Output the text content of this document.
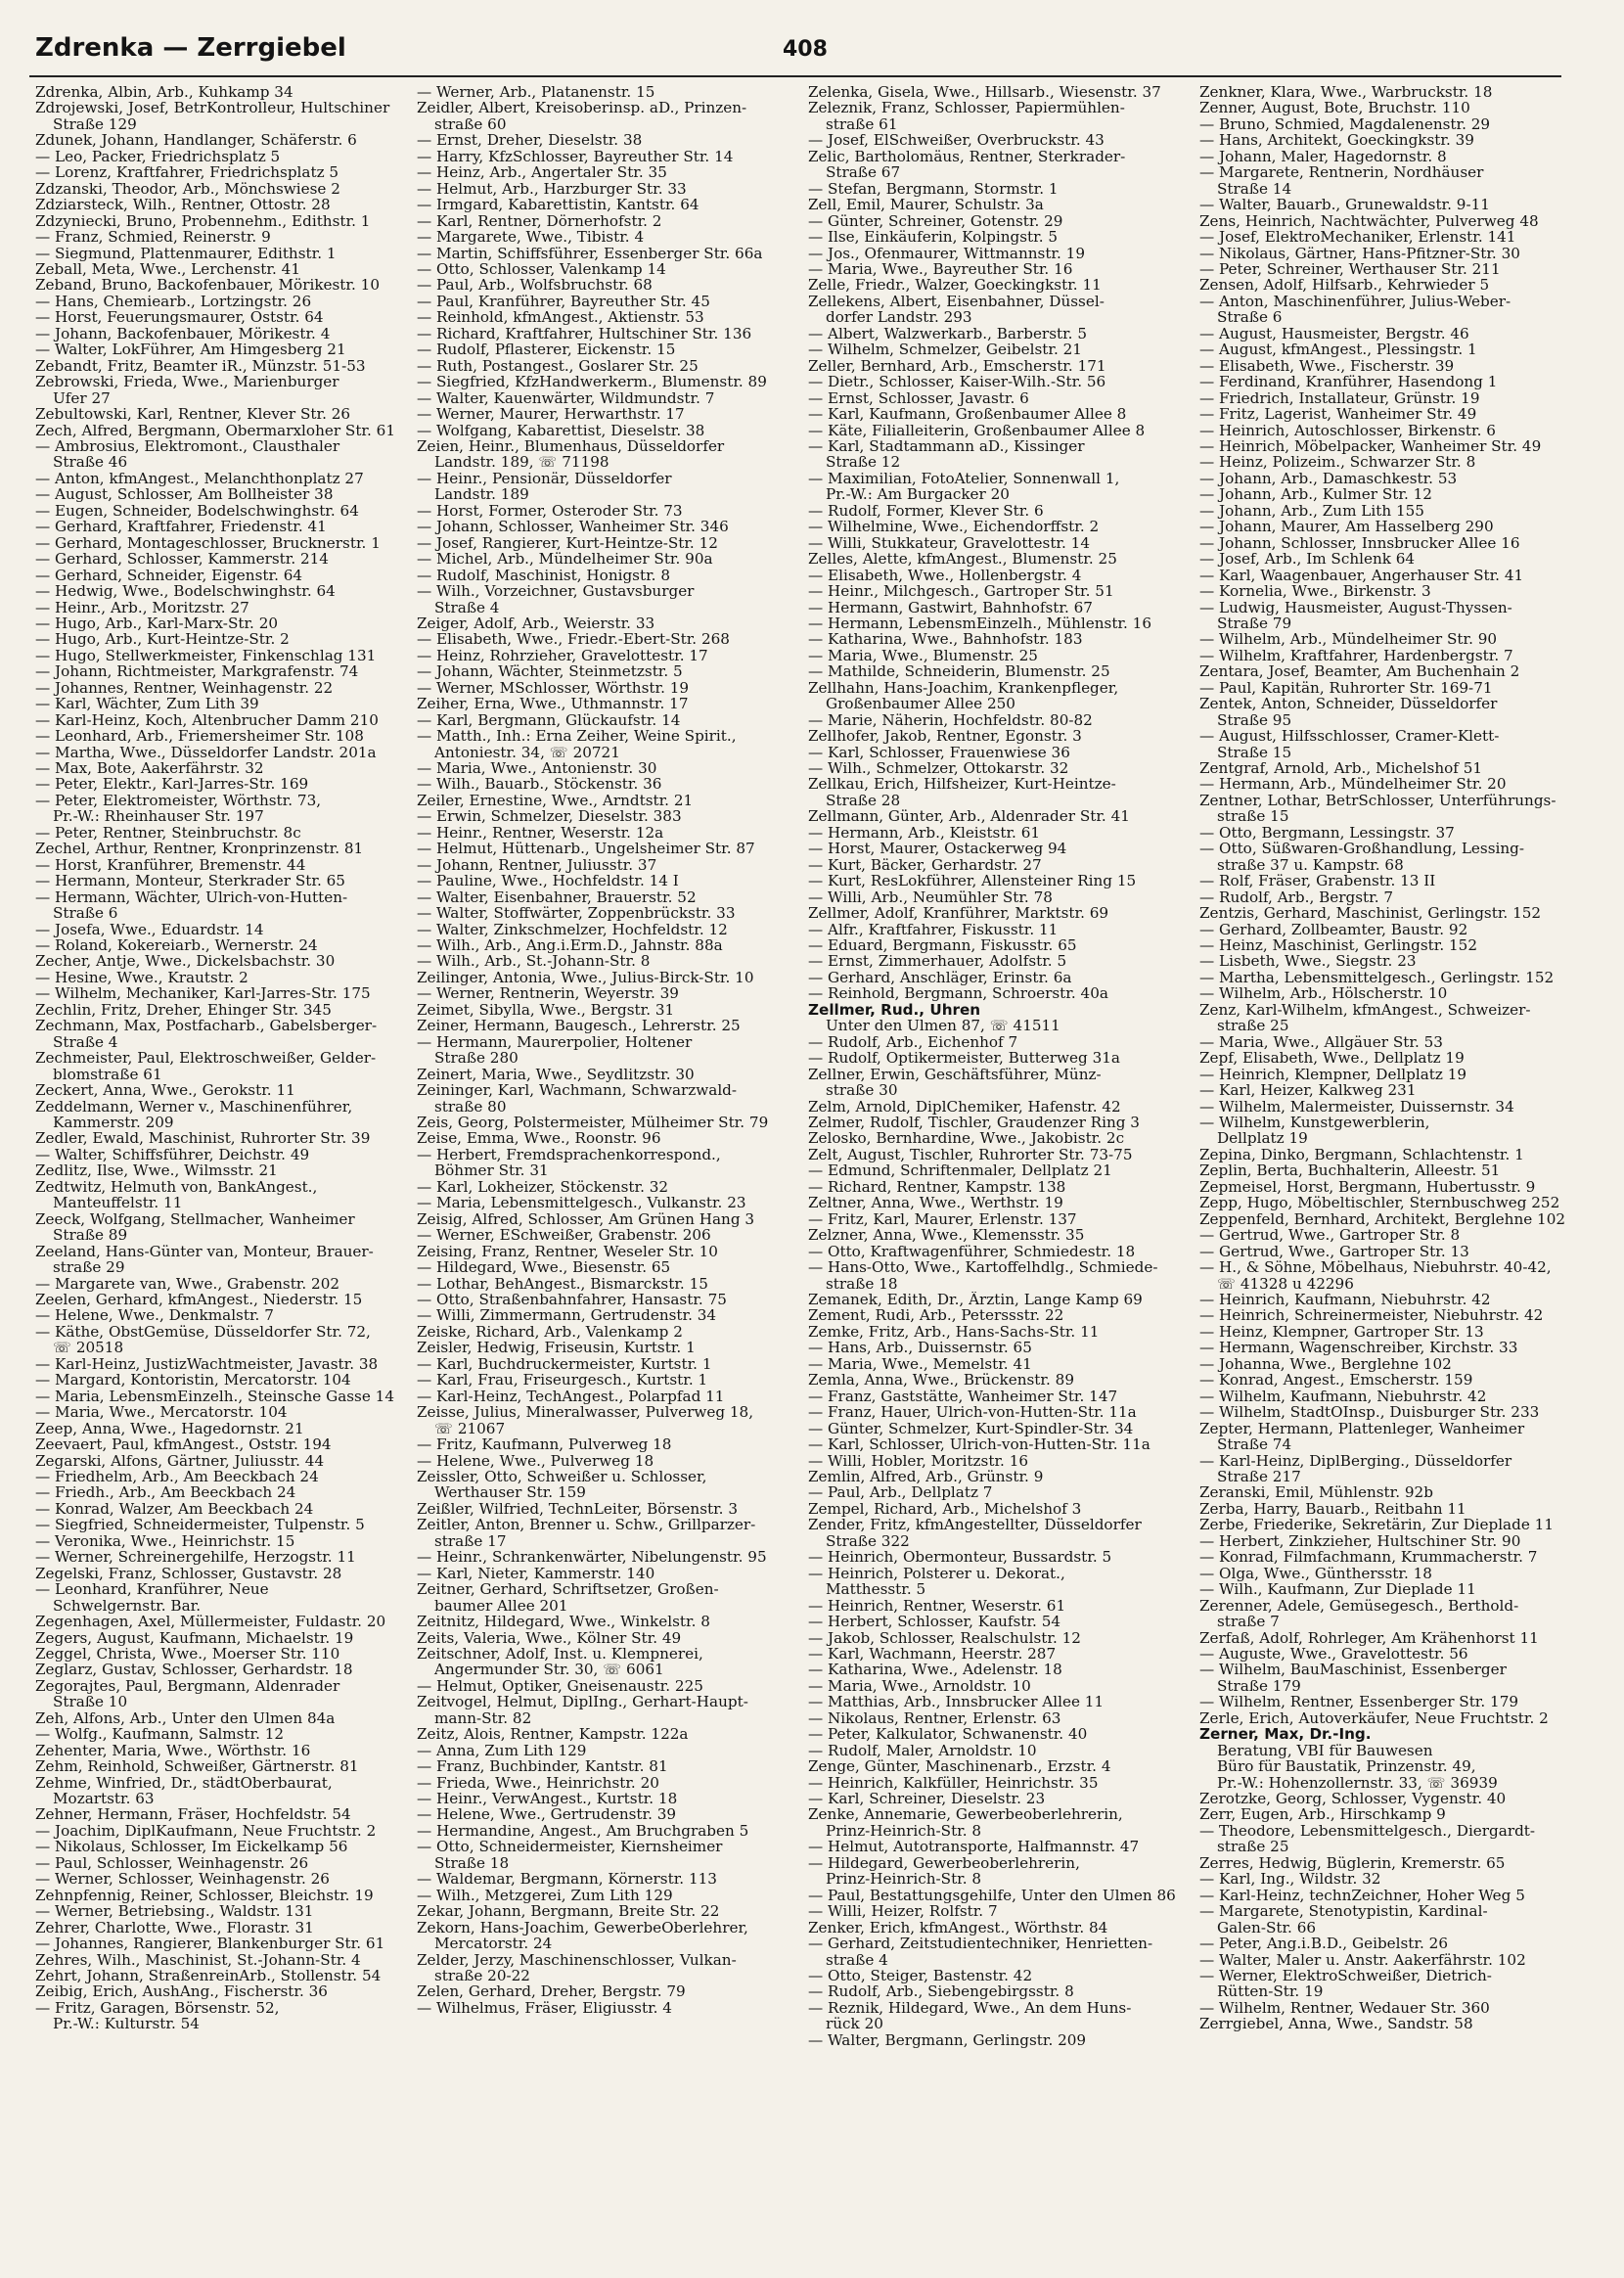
Zdrenka — Zerrgiebel	408
Zdrenka, Albin, Arb., Kuhkamp 34
Zdrojewski, Josef, BetrKontrolleur, Hultschiner
Straße 129
Zdunek, Johann, Handlanger, Schäferstr. 6
— Leo, Packer, Friedrichsplatz 5
— Lorenz, Kraftfahrer, Friedrichsplatz 5
Zdzanski, Theodor, Arb., Mönchswiese 2
Zdziarsteck, Wilh., Rentner, Ottostr. 28
Zdzyniecki, Bruno, Probennehm., Edithstr. 1
— Franz, Schmied, Reinerstr. 9
— Siegmund, Plattenmaurer, Edithstr. 1
Zeball, Meta, Wwe., Lerchenstr. 41
Zeband, Bruno, Backofenbauer, Mörikestr. 10
— Hans, Chemiearb., Lortzingstr. 26
— Horst, Feuerungsmaurer, Oststr. 64
— Johann, Backofenbauer, Mörikestr. 4
— Walter, LokFührer, Am Himgesberg 21
Zebandt, Fritz, Beamter iR., Münzstr. 51-53
Zebrowski, Frieda, Wwe., Marienburger
Ufer 27
Zebultowski, Karl, Rentner, Klever Str. 26
Zech, Alfred, Bergmann, Obermarxloher Str. 61
— Ambrosius, Elektromont., Clausthaler
Straße 46
— Anton, kfmAngest., Melanchthonplatz 27
— August, Schlosser, Am Bollheister 38
— Eugen, Schneider, Bodelschwinghstr. 64
— Gerhard, Kraftfahrer, Friedenstr. 41
— Gerhard, Montageschlosser, Brucknerstr. 1
— Gerhard, Schlosser, Kammerstr. 214
— Gerhard, Schneider, Eigenstr. 64
— Hedwig, Wwe., Bodelschwinghstr. 64
— Heinr., Arb., Moritzstr. 27
— Hugo, Arb., Karl-Marx-Str. 20
— Hugo, Arb., Kurt-Heintze-Str. 2
— Hugo, Stellwerkmeister, Finkenschlag 131
— Johann, Richtmeister, Markgrafenstr. 74
— Johannes, Rentner, Weinhagenstr. 22
— Karl, Wächter, Zum Lith 39
— Karl-Heinz, Koch, Altenbrucher Damm 210
— Leonhard, Arb., Friemersheimer Str. 108
— Martha, Wwe., Düsseldorfer Landstr. 201a
— Max, Bote, Aakerfährstr. 32
— Peter, Elektr., Karl-Jarres-Str. 169
— Peter, Elektromeister, Wörthstr. 73,
Pr.-W.: Rheinhauser Str. 197
— Peter, Rentner, Steinbruchstr. 8c
Zechel, Arthur, Rentner, Kronprinzenstr. 81
— Horst, Kranführer, Bremenstr. 44
— Hermann, Monteur, Sterkrader Str. 65
— Hermann, Wächter, Ulrich-von-Hutten-
Straße 6
— Josefa, Wwe., Eduardstr. 14
— Roland, Kokereiarb., Wernerstr. 24
Zecher, Antje, Wwe., Dickelsbachstr. 30
— Hesine, Wwe., Krautstr. 2
— Wilhelm, Mechaniker, Karl-Jarres-Str. 175
Zechlin, Fritz, Dreher, Ehinger Str. 345
Zechmann, Max, Postfacharb., Gabelsberger-
Straße 4
Zechmeister, Paul, Elektroschweißer, Gelder-
blomstraße 61
Zeckert, Anna, Wwe., Gerokstr. 11
Zeddelmann, Werner v., Maschinenführer,
Kammerstr. 209
Zedler, Ewald, Maschinist, Ruhrorter Str. 39
— Walter, Schiffsführer, Deichstr. 49
Zedlitz, Ilse, Wwe., Wilmsstr. 21
Zedtwitz, Helmuth von, BankAngest.,
Manteuffelstr. 11
Zeeck, Wolfgang, Stellmacher, Wanheimer
Straße 89
Zeeland, Hans-Günter van, Monteur, Brauer-
straße 29
— Margarete van, Wwe., Grabenstr. 202
Zeelen, Gerhard, kfmAngest., Niederstr. 15
— Helene, Wwe., Denkmalstr. 7
— Käthe, ObstGemüse, Düsseldorfer Str. 72,
☏ 20518
— Karl-Heinz, JustizWachtmeister, Javastr. 38
— Margard, Kontoristin, Mercatorstr. 104
— Maria, LebensmEinzelh., Steinsche Gasse 14
— Maria, Wwe., Mercatorstr. 104
Zeep, Anna, Wwe., Hagedornstr. 21
Zeevaert, Paul, kfmAngest., Oststr. 194
Zegarski, Alfons, Gärtner, Juliusstr. 44
— Friedhelm, Arb., Am Beeckbach 24
— Friedh., Arb., Am Beeckbach 24
— Konrad, Walzer, Am Beeckbach 24
— Siegfried, Schneidermeister, Tulpenstr. 5
— Veronika, Wwe., Heinrichstr. 15
— Werner, Schreinergehilfe, Herzogstr. 11
Zegelski, Franz, Schlosser, Gustavstr. 28
— Leonhard, Kranführer, Neue
Schwelgernstr. Bar.
Zegenhagen, Axel, Müllermeister, Fuldastr. 20
Zegers, August, Kaufmann, Michaelstr. 19
Zeggel, Christa, Wwe., Moerser Str. 110
Zeglarz, Gustav, Schlosser, Gerhardstr. 18
Zegorajtes, Paul, Bergmann, Aldenrader
Straße 10
Zeh, Alfons, Arb., Unter den Ulmen 84a
— Wolfg., Kaufmann, Salmstr. 12
Zehenter, Maria, Wwe., Wörthstr. 16
Zehm, Reinhold, Schweißer, Gärtnerstr. 81
Zehme, Winfried, Dr., städtOberbaurat,
Mozartstr. 63
Zehner, Hermann, Fräser, Hochfeldstr. 54
— Joachim, DiplKaufmann, Neue Fruchtstr. 2
— Nikolaus, Schlosser, Im Eickelkamp 56
— Paul, Schlosser, Weinhagenstr. 26
— Werner, Schlosser, Weinhagenstr. 26
Zehnpfennig, Reiner, Schlosser, Bleichstr. 19
— Werner, Betriebsing., Waldstr. 131
Zehrer, Charlotte, Wwe., Florastr. 31
— Johannes, Rangierer, Blankenburger Str. 61
Zehres, Wilh., Maschinist, St.-Johann-Str. 4
Zehrt, Johann, StraßenreinArb., Stollenstr. 54
Zeibig, Erich, AushAng., Fischerstr. 36
— Fritz, Garagen, Börsenstr. 52,
Pr.-W.: Kulturstr. 54
— Werner, Arb., Platanenstr. 15
Zeidler, Albert, Kreisoberinsp. aD., Prinzen-
straße 60
— Ernst, Dreher, Dieselstr. 38
— Harry, KfzSchlosser, Bayreuther Str. 14
— Heinz, Arb., Angertaler Str. 35
— Helmut, Arb., Harzburger Str. 33
— Irmgard, Kabarettistin, Kantstr. 64
— Karl, Rentner, Dörnerhofstr. 2
— Margarete, Wwe., Tibistr. 4
— Martin, Schiffsführer, Essenberger Str. 66a
— Otto, Schlosser, Valenkamp 14
— Paul, Arb., Wolfsbruchstr. 68
— Paul, Kranführer, Bayreuther Str. 45
— Reinhold, kfmAngest., Aktienstr. 53
— Richard, Kraftfahrer, Hultschiner Str. 136
— Rudolf, Pflasterer, Eickenstr. 15
— Ruth, Postangest., Goslarer Str. 25
— Siegfried, KfzHandwerkerm., Blumenstr. 89
— Walter, Kauenwärter, Wildmundstr. 7
— Werner, Maurer, Herwarthstr. 17
— Wolfgang, Kabarettist, Dieselstr. 38
Zeien, Heinr., Blumenhaus, Düsseldorfer
Landstr. 189, ☏ 71198
— Heinr., Pensionär, Düsseldorfer
Landstr. 189
— Horst, Former, Osteroder Str. 73
— Johann, Schlosser, Wanheimer Str. 346
— Josef, Rangierer, Kurt-Heintze-Str. 12
— Michel, Arb., Mündelheimer Str. 90a
— Rudolf, Maschinist, Honigstr. 8
— Wilh., Vorzeichner, Gustavsburger
Straße 4
Zeiger, Adolf, Arb., Weierstr. 33
— Elisabeth, Wwe., Friedr.-Ebert-Str. 268
— Heinz, Rohrzieher, Gravelottestr. 17
— Johann, Wächter, Steinmetzstr. 5
— Werner, MSchlosser, Wörthstr. 19
Zeiher, Erna, Wwe., Uthmannstr. 17
— Karl, Bergmann, Glückaufstr. 14
— Matth., Inh.: Erna Zeiher, Weine Spirit.,
Antoniestr. 34, ☏ 20721
— Maria, Wwe., Antonienstr. 30
— Wilh., Bauarb., Stöckenstr. 36
Zeiler, Ernestine, Wwe., Arndtstr. 21
— Erwin, Schmelzer, Dieselstr. 383
— Heinr., Rentner, Weserstr. 12a
— Helmut, Hüttenarb., Ungelsheimer Str. 87
— Johann, Rentner, Juliusstr. 37
— Pauline, Wwe., Hochfeldstr. 14 I
— Walter, Eisenbahner, Brauerstr. 52
— Walter, Stoffwärter, Zoppenbrückstr. 33
— Walter, Zinkschmelzer, Hochfeldstr. 12
— Wilh., Arb., Ang.i.Erm.D., Jahnstr. 88a
— Wilh., Arb., St.-Johann-Str. 8
Zeilinger, Antonia, Wwe., Julius-Birck-Str. 10
— Werner, Rentnerin, Weyerstr. 39
Zeimet, Sibylla, Wwe., Bergstr. 31
Zeiner, Hermann, Baugesch., Lehrerstr. 25
— Hermann, Maurerpolier, Holtener
Straße 280
Zeinert, Maria, Wwe., Seydlitzstr. 30
Zeininger, Karl, Wachmann, Schwarzwald-
straße 80
Zeis, Georg, Polstermeister, Mülheimer Str. 79
Zeise, Emma, Wwe., Roonstr. 96
— Herbert, Fremdsprachenkorrespond.,
Böhmer Str. 31
— Karl, Lokheizer, Stöckenstr. 32
— Maria, Lebensmittelgesch., Vulkanstr. 23
Zeisig, Alfred, Schlosser, Am Grünen Hang 3
— Werner, ESchweißer, Grabenstr. 206
Zeising, Franz, Rentner, Weseler Str. 10
— Hildegard, Wwe., Biesenstr. 65
— Lothar, BehAngest., Bismarckstr. 15
— Otto, Straßenbahnfahrer, Hansastr. 75
— Willi, Zimmermann, Gertrudenstr. 34
Zeiske, Richard, Arb., Valenkamp 2
Zeisler, Hedwig, Friseusin, Kurtstr. 1
— Karl, Buchdruckermeister, Kurtstr. 1
— Karl, Frau, Friseurgesch., Kurtstr. 1
— Karl-Heinz, TechAngest., Polarpfad 11
Zeisse, Julius, Mineralwasser, Pulverweg 18,
☏ 21067
— Fritz, Kaufmann, Pulverweg 18
— Helene, Wwe., Pulverweg 18
Zeissler, Otto, Schweißer u. Schlosser,
Werthauser Str. 159
Zeißler, Wilfried, TechnLeiter, Börsenstr. 3
Zeitler, Anton, Brenner u. Schw., Grillparzer-
straße 17
— Heinr., Schrankenwärter, Nibelungenstr. 95
— Karl, Nieter, Kammerstr. 140
Zeitner, Gerhard, Schriftsetzer, Großen-
baumer Allee 201
Zeitnitz, Hildegard, Wwe., Winkelstr. 8
Zeits, Valeria, Wwe., Kölner Str. 49
Zeitschner, Adolf, Inst. u. Klempnerei,
Angermunder Str. 30, ☏ 6061
— Helmut, Optiker, Gneisenaustr. 225
Zeitvogel, Helmut, DiplIng., Gerhart-Haupt-
mann-Str. 82
Zeitz, Alois, Rentner, Kampstr. 122a
— Anna, Zum Lith 129
— Franz, Buchbinder, Kantstr. 81
— Frieda, Wwe., Heinrichstr. 20
— Heinr., VerwAngest., Kurtstr. 18
— Helene, Wwe., Gertrudenstr. 39
— Hermandine, Angest., Am Bruchgraben 5
— Otto, Schneidermeister, Kiernsheimer
Straße 18
— Waldemar, Bergmann, Körnerstr. 113
— Wilh., Metzgerei, Zum Lith 129
Zekar, Johann, Bergmann, Breite Str. 22
Zekorn, Hans-Joachim, GewerbeOberlehrer,
Mercatorstr. 24
Zelder, Jerzy, Maschinenschlosser, Vulkan-
straße 20-22
Zelen, Gerhard, Dreher, Bergstr. 79
— Wilhelmus, Fräser, Eligiusstr. 4
Zelenka, Gisela, Wwe., Hillsarb., Wiesenstr. 37
Zeleznik, Franz, Schlosser, Papiermühlen-
straße 61
— Josef, ElSchweißer, Overbruckstr. 43
Zelic, Bartholomäus, Rentner, Sterkrader-
Straße 67
— Stefan, Bergmann, Stormstr. 1
Zell, Emil, Maurer, Schulstr. 3a
— Günter, Schreiner, Gotenstr. 29
— Ilse, Einkäuferin, Kolpingstr. 5
— Jos., Ofenmaurer, Wittmannstr. 19
— Maria, Wwe., Bayreuther Str. 16
Zelle, Friedr., Walzer, Goeckingkstr. 11
Zellekens, Albert, Eisenbahner, Düssel-
dorfer Landstr. 293
— Albert, Walzwerkarb., Barberstr. 5
— Wilhelm, Schmelzer, Geibelstr. 21
Zeller, Bernhard, Arb., Emscherstr. 171
— Dietr., Schlosser, Kaiser-Wilh.-Str. 56
— Ernst, Schlosser, Javastr. 6
— Karl, Kaufmann, Großenbaumer Allee 8
— Käte, Filialleiterin, Großenbaumer Allee 8
— Karl, Stadtammann aD., Kissinger
Straße 12
— Maximilian, FotoAtelier, Sonnenwall 1,
Pr.-W.: Am Burgacker 20
— Rudolf, Former, Klever Str. 6
— Wilhelmine, Wwe., Eichendorffstr. 2
— Willi, Stukkateur, Gravelottestr. 14
Zelles, Alette, kfmAngest., Blumenstr. 25
— Elisabeth, Wwe., Hollenbergstr. 4
— Heinr., Milchgesch., Gartroper Str. 51
— Hermann, Gastwirt, Bahnhofstr. 67
— Hermann, LebensmEinzelh., Mühlenstr. 16
— Katharina, Wwe., Bahnhofstr. 183
— Maria, Wwe., Blumenstr. 25
— Mathilde, Schneiderin, Blumenstr. 25
Zellhahn, Hans-Joachim, Krankenpfleger,
Großenbaumer Allee 250
— Marie, Näherin, Hochfeldstr. 80-82
Zellhofer, Jakob, Rentner, Egonstr. 3
— Karl, Schlosser, Frauenwiese 36
— Wilh., Schmelzer, Ottokarstr. 32
Zellkau, Erich, Hilfsheizer, Kurt-Heintze-
Straße 28
Zellmann, Günter, Arb., Aldenrader Str. 41
— Hermann, Arb., Kleiststr. 61
— Horst, Maurer, Ostackerweg 94
— Kurt, Bäcker, Gerhardstr. 27
— Kurt, ResLokführer, Allensteiner Ring 15
— Willi, Arb., Neumühler Str. 78
Zellmer, Adolf, Kranführer, Marktstr. 69
— Alfr., Kraftfahrer, Fiskusstr. 11
— Eduard, Bergmann, Fiskusstr. 65
— Ernst, Zimmerhauer, Adolfstr. 5
— Gerhard, Anschläger, Erinstr. 6a
— Reinhold, Bergmann, Schroerstr. 40a
Zellmer, Rud., Uhren
Unter den Ulmen 87, ☏ 41511
— Rudolf, Arb., Eichenhof 7
— Rudolf, Optikermeister, Butterweg 31a
Zellner, Erwin, Geschäftsführer, Münz-
straße 30
Zelm, Arnold, DiplChemiker, Hafenstr. 42
Zelmer, Rudolf, Tischler, Graudenzer Ring 3
Zelosko, Bernhardine, Wwe., Jakobistr. 2c
Zelt, August, Tischler, Ruhrorter Str. 73-75
— Edmund, Schriftenmaler, Dellplatz 21
— Richard, Rentner, Kampstr. 138
Zeltner, Anna, Wwe., Werthstr. 19
— Fritz, Karl, Maurer, Erlenstr. 137
Zelzner, Anna, Wwe., Klemensstr. 35
— Otto, Kraftwagenführer, Schmiedestr. 18
— Hans-Otto, Wwe., Kartoffelhdlg., Schmiede-
straße 18
Zemanek, Edith, Dr., Ärztin, Lange Kamp 69
Zement, Rudi, Arb., Peterssstr. 22
Zemke, Fritz, Arb., Hans-Sachs-Str. 11
— Hans, Arb., Duissernstr. 65
— Maria, Wwe., Memelstr. 41
Zemla, Anna, Wwe., Brückenstr. 89
— Franz, Gaststätte, Wanheimer Str. 147
— Franz, Hauer, Ulrich-von-Hutten-Str. 11a
— Günter, Schmelzer, Kurt-Spindler-Str. 34
— Karl, Schlosser, Ulrich-von-Hutten-Str. 11a
— Willi, Hobler, Moritzstr. 16
Zemlin, Alfred, Arb., Grünstr. 9
— Paul, Arb., Dellplatz 7
Zempel, Richard, Arb., Michelshof 3
Zender, Fritz, kfmAngestellter, Düsseldorfer
Straße 322
— Heinrich, Obermonteur, Bussardstr. 5
— Heinrich, Polsterer u. Dekorat.,
Matthesstr. 5
— Heinrich, Rentner, Weserstr. 61
— Herbert, Schlosser, Kaufstr. 54
— Jakob, Schlosser, Realschulstr. 12
— Karl, Wachmann, Heerstr. 287
— Katharina, Wwe., Adelenstr. 18
— Maria, Wwe., Arnoldstr. 10
— Matthias, Arb., Innsbrucker Allee 11
— Nikolaus, Rentner, Erlenstr. 63
— Peter, Kalkulator, Schwanenstr. 40
— Rudolf, Maler, Arnoldstr. 10
Zenge, Günter, Maschinenarb., Erzstr. 4
— Heinrich, Kalkfüller, Heinrichstr. 35
— Karl, Schreiner, Dieselstr. 23
Zenke, Annemarie, Gewerbeoberlehrerin,
Prinz-Heinrich-Str. 8
— Helmut, Autotransporte, Halfmannstr. 47
— Hildegard, Gewerbeoberlehrerin,
Prinz-Heinrich-Str. 8
— Paul, Bestattungsgehilfe, Unter den Ulmen 86
— Willi, Heizer, Rolfstr. 7
Zenker, Erich, kfmAngest., Wörthstr. 84
— Gerhard, Zeitstudientechniker, Henrietten-
straße 4
— Otto, Steiger, Bastenstr. 42
— Rudolf, Arb., Siebengebirgsstr. 8
— Reznik, Hildegard, Wwe., An dem Huns-
rück 20
— Walter, Bergmann, Gerlingstr. 209
Zenkner, Klara, Wwe., Warbruckstr. 18
Zenner, August, Bote, Bruchstr. 110
— Bruno, Schmied, Magdalenenstr. 29
— Hans, Architekt, Goeckingkstr. 39
— Johann, Maler, Hagedornstr. 8
— Margarete, Rentnerin, Nordhäuser
Straße 14
— Walter, Bauarb., Grunewaldstr. 9-11
Zens, Heinrich, Nachtwächter, Pulverweg 48
— Josef, ElektroMechaniker, Erlenstr. 141
— Nikolaus, Gärtner, Hans-Pfitzner-Str. 30
— Peter, Schreiner, Werthauser Str. 211
Zensen, Adolf, Hilfsarb., Kehrwieder 5
— Anton, Maschinenführer, Julius-Weber-
Straße 6
— August, Hausmeister, Bergstr. 46
— August, kfmAngest., Plessingstr. 1
— Elisabeth, Wwe., Fischerstr. 39
— Ferdinand, Kranführer, Hasendong 1
— Friedrich, Installateur, Grünstr. 19
— Fritz, Lagerist, Wanheimer Str. 49
— Heinrich, Autoschlosser, Birkenstr. 6
— Heinrich, Möbelpacker, Wanheimer Str. 49
— Heinz, Polizeim., Schwarzer Str. 8
— Johann, Arb., Damaschkestr. 53
— Johann, Arb., Kulmer Str. 12
— Johann, Arb., Zum Lith 155
— Johann, Maurer, Am Hasselberg 290
— Johann, Schlosser, Innsbrucker Allee 16
— Josef, Arb., Im Schlenk 64
— Karl, Waagenbauer, Angerhauser Str. 41
— Kornelia, Wwe., Birkenstr. 3
— Ludwig, Hausmeister, August-Thyssen-
Straße 79
— Wilhelm, Arb., Mündelheimer Str. 90
— Wilhelm, Kraftfahrer, Hardenbergstr. 7
Zentara, Josef, Beamter, Am Buchenhain 2
— Paul, Kapitän, Ruhrorter Str. 169-71
Zentek, Anton, Schneider, Düsseldorfer
Straße 95
— August, Hilfsschlosser, Cramer-Klett-
Straße 15
Zentgraf, Arnold, Arb., Michelshof 51
— Hermann, Arb., Mündelheimer Str. 20
Zentner, Lothar, BetrSchlosser, Unterführungs-
straße 15
— Otto, Bergmann, Lessingstr. 37
— Otto, Süßwaren-Großhandlung, Lessing-
straße 37 u. Kampstr. 68
— Rolf, Fräser, Grabenstr. 13 II
— Rudolf, Arb., Bergstr. 7
Zentzis, Gerhard, Maschinist, Gerlingstr. 152
— Gerhard, Zollbeamter, Baustr. 92
— Heinz, Maschinist, Gerlingstr. 152
— Lisbeth, Wwe., Siegstr. 23
— Martha, Lebensmittelgesch., Gerlingstr. 152
— Wilhelm, Arb., Hölscherstr. 10
Zenz, Karl-Wilhelm, kfmAngest., Schweizer-
straße 25
— Maria, Wwe., Allgäuer Str. 53
Zepf, Elisabeth, Wwe., Dellplatz 19
— Heinrich, Klempner, Dellplatz 19
— Karl, Heizer, Kalkweg 231
— Wilhelm, Malermeister, Duissernstr. 34
— Wilhelm, Kunstgewerblerin,
Dellplatz 19
Zepina, Dinko, Bergmann, Schlachtenstr. 1
Zeplin, Berta, Buchhalterin, Alleestr. 51
Zepmeisel, Horst, Bergmann, Hubertusstr. 9
Zepp, Hugo, Möbeltischler, Sternbuschweg 252
Zeppenfeld, Bernhard, Architekt, Berglehne 102
— Gertrud, Wwe., Gartroper Str. 8
— Gertrud, Wwe., Gartroper Str. 13
— H., & Söhne, Möbelhaus, Niebuhrstr. 40-42,
☏ 41328 u 42296
— Heinrich, Kaufmann, Niebuhrstr. 42
— Heinrich, Schreinermeister, Niebuhrstr. 42
— Heinz, Klempner, Gartroper Str. 13
— Hermann, Wagenschreiber, Kirchstr. 33
— Johanna, Wwe., Berglehne 102
— Konrad, Angest., Emscherstr. 159
— Wilhelm, Kaufmann, Niebuhrstr. 42
— Wilhelm, StadtOInsp., Duisburger Str. 233
Zepter, Hermann, Plattenleger, Wanheimer
Straße 74
— Karl-Heinz, DiplBerging., Düsseldorfer
Straße 217
Zeranski, Emil, Mühlenstr. 92b
Zerba, Harry, Bauarb., Reitbahn 11
Zerbe, Friederike, Sekretärin, Zur Dieplade 11
— Herbert, Zinkzieher, Hultschiner Str. 90
— Konrad, Filmfachmann, Krummacherstr. 7
— Olga, Wwe., Günthersstr. 18
— Wilh., Kaufmann, Zur Dieplade 11
Zerenner, Adele, Gemüsegesch., Berthold-
straße 7
Zerfaß, Adolf, Rohrleger, Am Krähenhorst 11
— Auguste, Wwe., Gravelottestr. 56
— Wilhelm, BauMaschinist, Essenberger
Straße 179
— Wilhelm, Rentner, Essenberger Str. 179
Zerle, Erich, Autoverkäufer, Neue Fruchtstr. 2
Zerner, Max, Dr.-Ing.
Beratung, VBI für Bauwesen
Büro für Baustatik, Prinzenstr. 49,
Pr.-W.: Hohenzollernstr. 33, ☏ 36939
Zerotzke, Georg, Schlosser, Vygenstr. 40
Zerr, Eugen, Arb., Hirschkamp 9
— Theodore, Lebensmittelgesch., Diergardt-
straße 25
Zerres, Hedwig, Büglerin, Kremerstr. 65
— Karl, Ing., Wildstr. 32
— Karl-Heinz, technZeichner, Hoher Weg 5
— Margarete, Stenotypistin, Kardinal-
Galen-Str. 66
— Peter, Ang.i.B.D., Geibelstr. 26
— Walter, Maler u. Anstr. Aakerfährstr. 102
— Werner, ElektroSchweißer, Dietrich-
Rütten-Str. 19
— Wilhelm, Rentner, Wedauer Str. 360
Zerrgiebel, Anna, Wwe., Sandstr. 58
